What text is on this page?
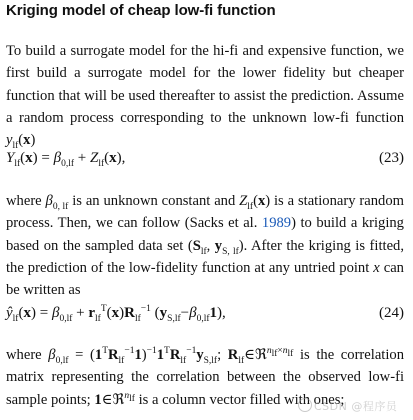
Kriging model of cheap low-fi function
To build a surrogate model for the hi-fi and expensive function, we first build a surrogate model for the lower fidelity but cheaper function that will be used thereafter to assist the prediction. Assume a random process corresponding to the unknown low-fi function $y_{lf}(x)$
$Y_{lf}(x) = \beta_{0,lf} + Z_{lf}(x)$,	(23)
where $\beta_{0, lf}$ is an unknown constant and $Z_{lf}(x)$ is a stationary random process. Then, we can follow (Sacks et al. 1989) to build a kriging based on the sampled data set ($S_{lf}$, $y_{S, lf}$). After the kriging is fitted, the prediction of the low-fidelity function at any untried point x can be written as
$ŷ_{lf}(x) = \beta_{0,lf} + r_{lf}^T(x)R_{lf}^{-1}$ $(y_{S,lf}-\beta_{0,lf}1)$,	(24)
where $\beta_{0,lf} = (1^TR_{lf}^{-1}1)^{-1}1^TR_{lf}^{-1}y_{S,lf}$; $R_{lf}\in ℜ^{n_{lf}\times n_{lf}}$ is the correlation matrix representing the correlation between the observed low-fi sample points; 1∈ℜ$^{n_{lf}}$ is a column vector filled with ones;
CSDN @程序员
